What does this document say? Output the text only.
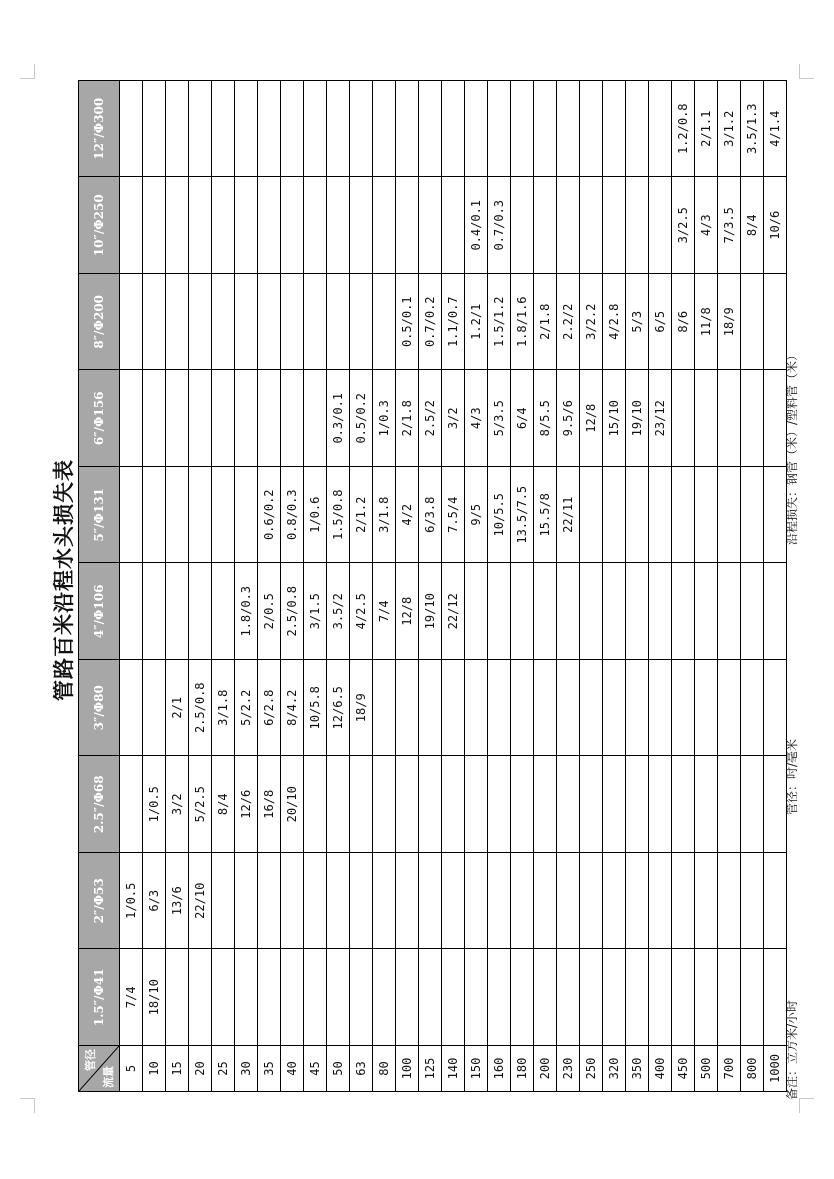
管路百米沿程水头损失表
管径
流量	1.5″/Φ41	2″/Φ53	2.5″/Φ68	3″/Φ80	4″/Φ106	5″/Φ131	6″/Φ156	8″/Φ200	10″/Φ250	12″/Φ300
5	7/4	1/0.5								
10	18/10	6/3	1/0.5							
15		13/6	3/2	2/1						
20		22/10	5/2.5	2.5/0.8						
25			8/4	3/1.8						
30			12/6	5/2.2	1.8/0.3					
35			16/8	6/2.8	2/0.5	0.6/0.2				
40			20/10	8/4.2	2.5/0.8	0.8/0.3				
45				10/5.8	3/1.5	1/0.6				
50				12/6.5	3.5/2	1.5/0.8	0.3/0.1			
63				18/9	4/2.5	2/1.2	0.5/0.2			
80					7/4	3/1.8	1/0.3			
100					12/8	4/2	2/1.8	0.5/0.1		
125					19/10	6/3.8	2.5/2	0.7/0.2		
140					22/12	7.5/4	3/2	1.1/0.7		
150						9/5	4/3	1.2/1	0.4/0.1	
160						10/5.5	5/3.5	1.5/1.2	0.7/0.3	
180						13.5/7.5	6/4	1.8/1.6		
200						15.5/8	8/5.5	2/1.8		
230						22/11	9.5/6	2.2/2		
250							12/8	3/2.2		
320							15/10	4/2.8		
350							19/10	5/3		
400							23/12	6/5		
450								8/6	3/2.5	1.2/0.8
500								11/8	4/3	2/1.1
700								18/9	7/3.5	3/1.2
800									8/4	3.5/1.3
1000									10/6	4/1.4
备注：立方米/小时
管径：吋/毫米
沿程损失：钢管（米）/塑料管（米）
